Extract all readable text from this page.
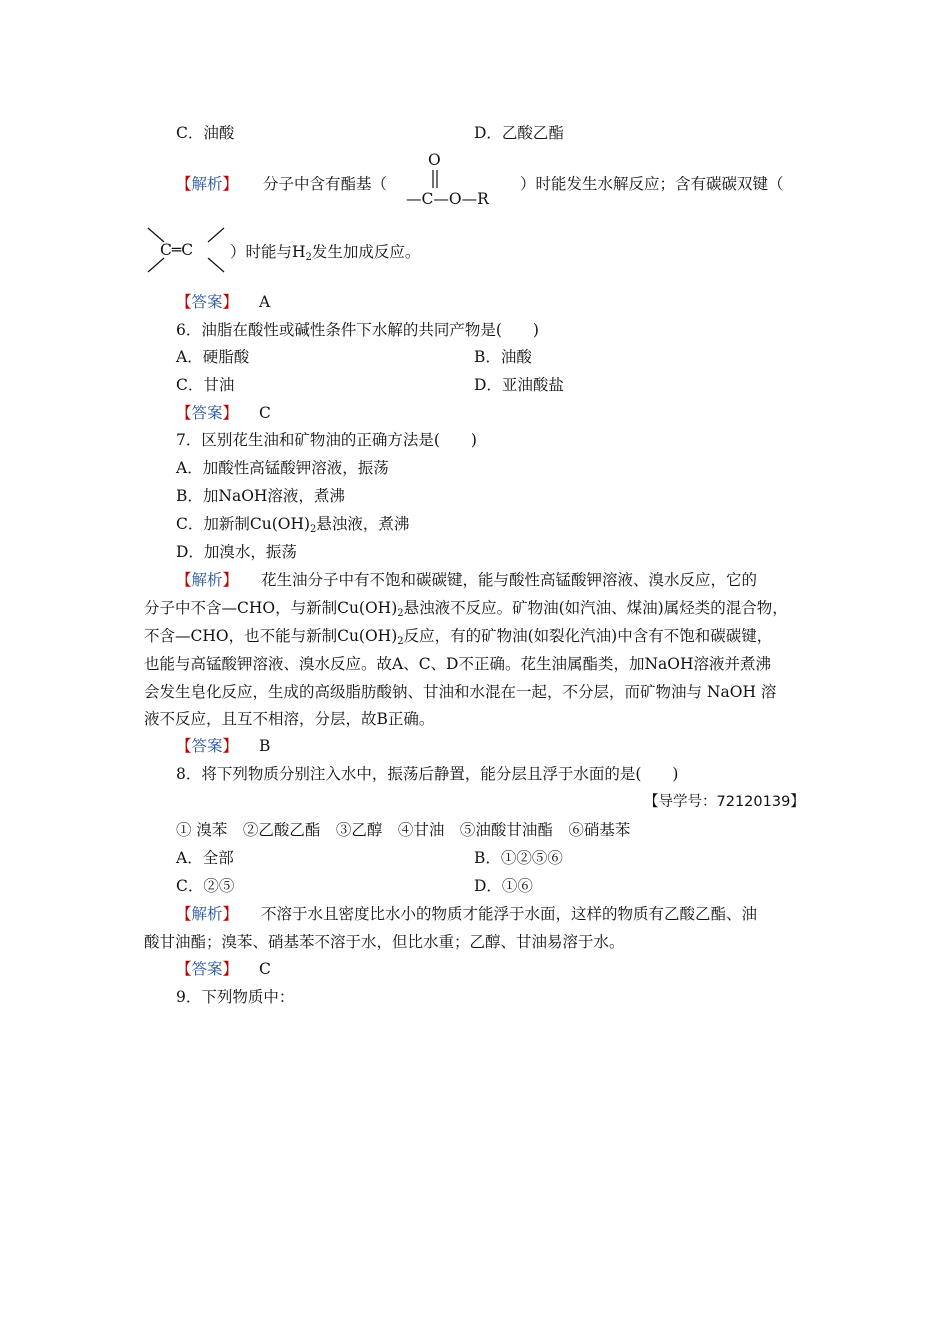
C．油酸	D．乙酸乙酯
【解析】 分子中含有酯基（
O
—C—O—R
）时能发生水解反应；含有碳碳双键（
C═C ）时能与$H_2$发生加成反应。
【答案】 A
6．油脂在酸性或碱性条件下水解的共同产物是(　　)
A．硬脂酸	B．油酸
C．甘油	D．亚油酸盐
【答案】 C
7．区别花生油和矿物油的正确方法是(　　)
A．加酸性高锰酸钾溶液，振荡
B．加NaOH溶液，煮沸
C．加新制$Cu(OH)_2$悬浊液，煮沸
D．加溴水，振荡
【解析】 花生油分子中有不饱和碳碳键，能与酸性高锰酸钾溶液、溴水反应，它的
分子中不含—CHO，与新制$Cu(OH)_2$悬浊液不反应。矿物油(如汽油、煤油)属烃类的混合物，
不含—CHO，也不能与新制$Cu(OH)_2$反应，有的矿物油(如裂化汽油)中含有不饱和碳碳键，
也能与高锰酸钾溶液、溴水反应。故A、C、D不正确。花生油属酯类，加NaOH溶液并煮沸
会发生皂化反应，生成的高级脂肪酸钠、甘油和水混在一起，不分层，而矿物油与 NaOH 溶
液不反应，且互不相溶，分层，故B正确。
【答案】 B
8．将下列物质分别注入水中，振荡后静置，能分层且浮于水面的是(　　)
【导学号：72120139】
① 溴苯　②乙酸乙酯　③乙醇　④甘油　⑤油酸甘油酯　⑥硝基苯
A．全部	B．①②⑤⑥
C．②⑤	D．①⑥
【解析】 不溶于水且密度比水小的物质才能浮于水面，这样的物质有乙酸乙酯、油
酸甘油酯；溴苯、硝基苯不溶于水，但比水重；乙醇、甘油易溶于水。
【答案】 C
9．下列物质中：
